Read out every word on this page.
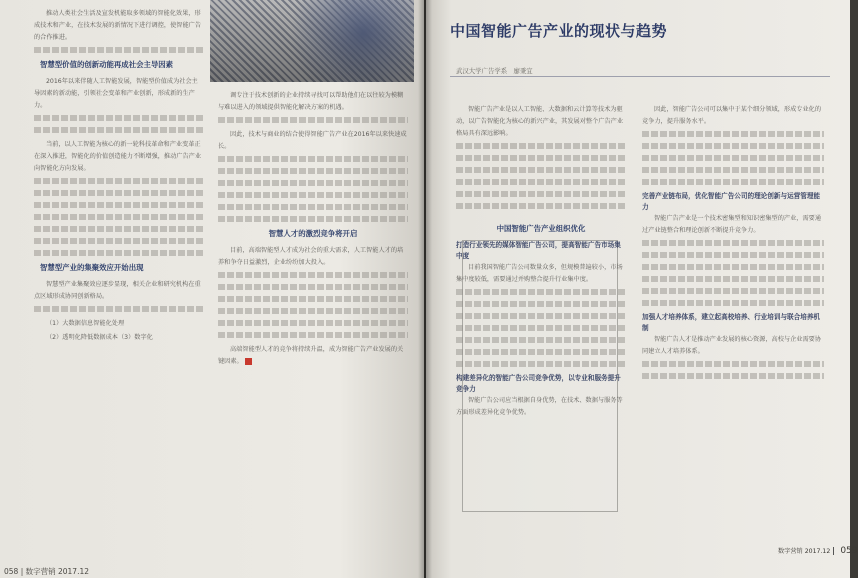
推动人类社会生活及宣发机能取多领域的智能化效果，形成技术和产业，在技术发展的新情况下进行调控，使智能广告的合作推进。

智慧型价值的创新动能再成社会主导因素

2016年以来伴随人工智能发展，智能型价值成为社会主导因素的新动能，引领社会变革和产业创新，形成新的生产力。

当前，以人工智能为核心的新一轮科技革命和产业变革正在深入推进，智能化的价值创造能力不断增强，推动广告产业向智能化方向发展。

智慧型产业的集聚效应开始出现

智慧型产业集聚效应逐步显现，相关企业和研究机构在重点区域形成协同创新格局。

（1）大数据信息智能化处理

（2）透明化降低数据成本（3）数字化

调专注于技术创新的企业持续寻找可以帮助他们在以往较为模糊与难以进入的领域提供智能化解决方案的机遇。

因此，技术与商业的结合使得智能广告产业在2016年以来快速成长。

智慧人才的激烈竞争将开启

目前，高端智能型人才成为社会的重大需求，人工智能人才的培养和争夺日益激烈，企业纷纷加大投入。

高端智能型人才的竞争将持续升温，成为智能广告产业发展的关键因素。

058 | 数字营销 2017.12
中国智能广告产业的现状与趋势
武汉大学广告学系　廖秉宜

智能广告产业是以人工智能、大数据和云计算等技术为驱动，以广告智能化为核心的新兴产业，其发展对整个广告产业格局具有深远影响。

中国智能广告产业组织优化
打造行业领先的媒体智能广告公司，提高智能广告市场集中度

目前我国智能广告公司数量众多，但规模普遍较小，市场集中度较低，需要通过并购整合提升行业集中度。

构建差异化的智能广告公司竞争优势，以专业和服务提升竞争力

智能广告公司应当根据自身优势，在技术、数据与服务等方面形成差异化竞争优势。

因此，智能广告公司可以集中于某个细分领域，形成专业化的竞争力，提升服务水平。

完善产业链布局，优化智能广告公司的理论创新与运营管理能力

智能广告产业是一个技术密集型和知识密集型的产业，需要通过产业链整合和理论创新不断提升竞争力。

加强人才培养体系，建立起高校培养、行业培训与联合培养机制

智能广告人才是推动产业发展的核心资源，高校与企业需要协同建立人才培养体系。

数字营销 2017.12 059
